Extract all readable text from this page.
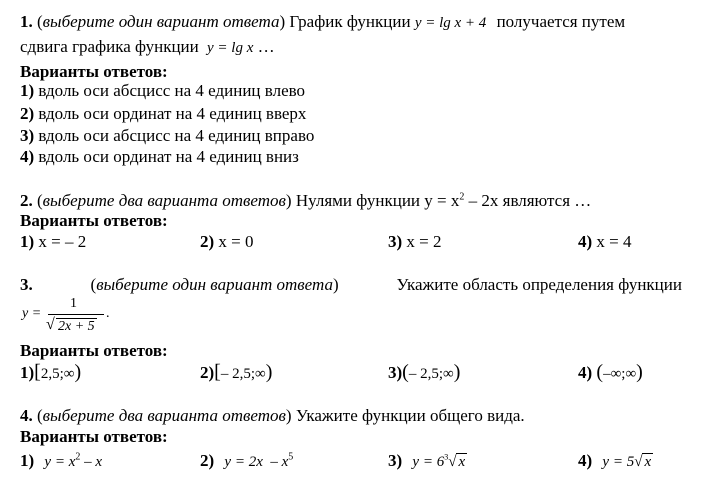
1. (выберите один вариант ответа) График функции y = lg x + 4 получается путем
сдвига графика функции y = lg x …
Варианты ответов:
1) вдоль оси абсцисс на 4 единиц влево
2) вдоль оси ординат на 4 единиц вверх
3) вдоль оси абсцисс на 4 единиц вправо
4) вдоль оси ординат на 4 единиц вниз
2. (выберите два варианта ответов) Нулями функции $y = x^2 - 2x$ являются …
Варианты ответов:
1) x = – 2	2) x = 0	3) x = 2	4) x = 4
3.	(выберите один вариант ответа)	Укажите область определения функции
y =
1
√ 2x + 5
.
Варианты ответов:
1)[2,5;∞)	2)[– 2,5;∞)	3)(– 2,5;∞)	4) (–∞;∞)
4. (выберите два варианта ответов) Укажите функции общего вида.
Варианты ответов:
1) $y = x^2 - x$	2) $y = 2x - x^5$	3) $y = 6^3√$ x	4) y = 5√ x
